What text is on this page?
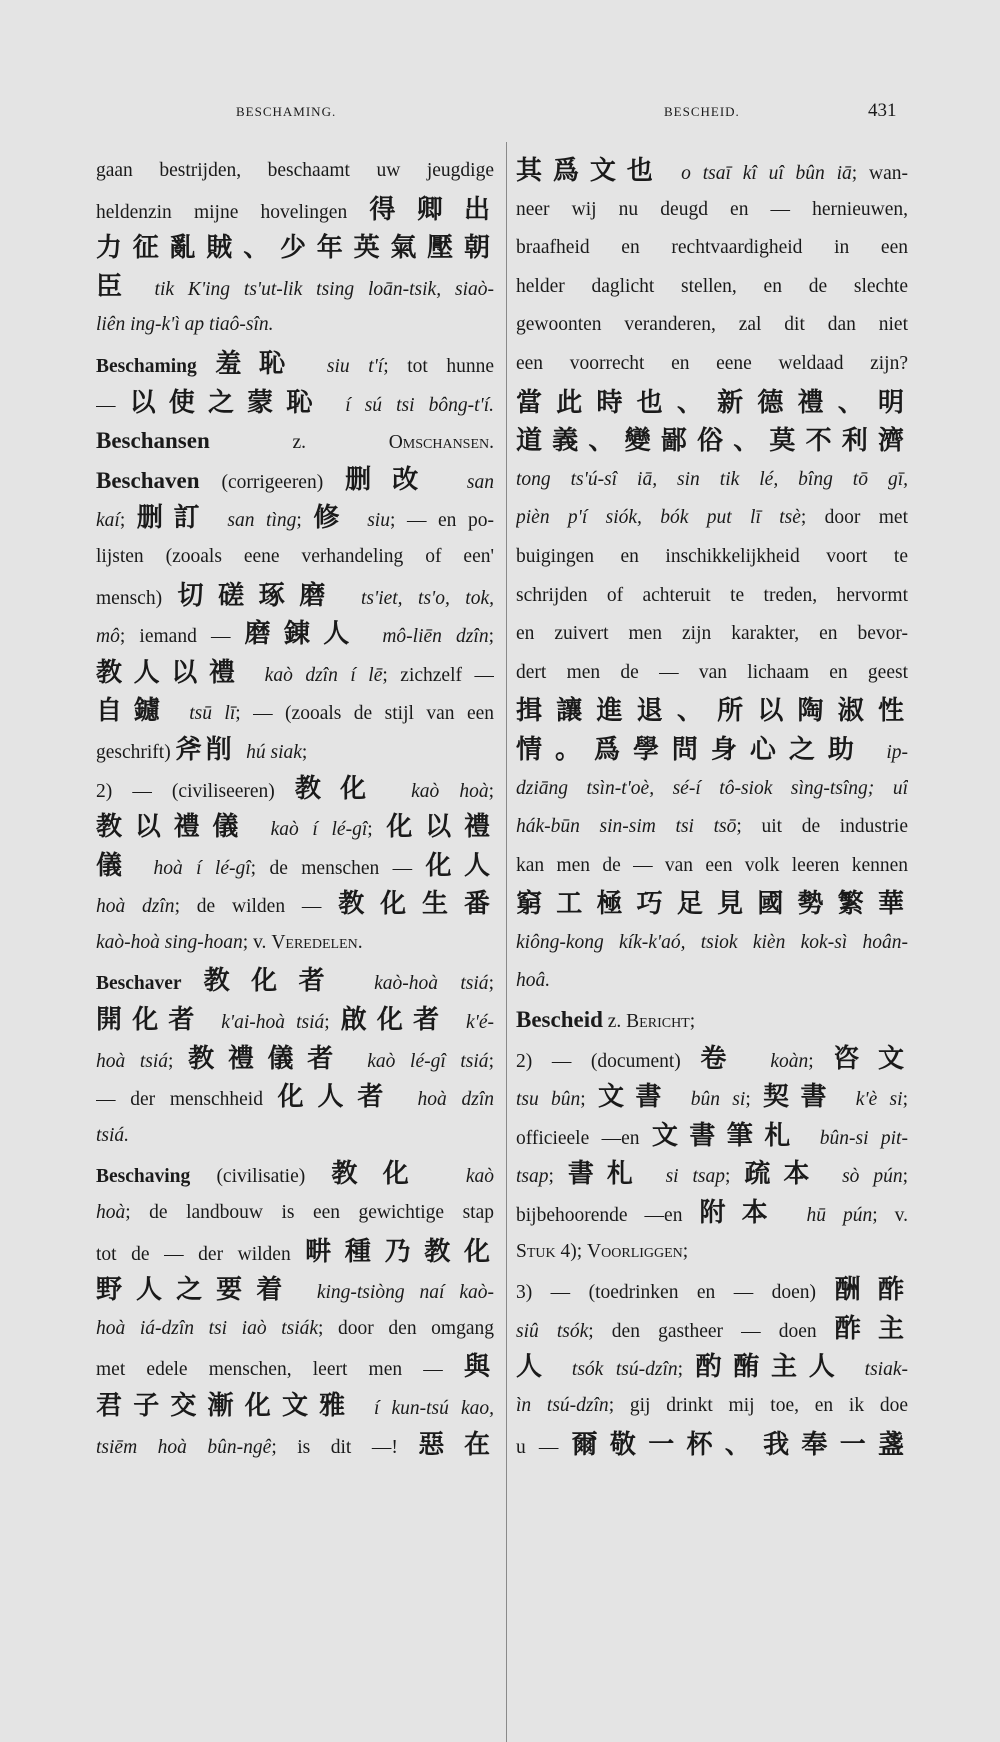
BESCHAMING.	BESCHEID.	431
gaan bestrijden, beschaamt uw jeugdige
heldenzin mijne hovelingen 得卿出
力征亂賊、少年英氣壓朝
臣 tik K'ing ts'ut-lik tsing loān-tsik, siaò-
liên ing-k'ì ap tiaô-sîn.
Beschaming 羞恥 siu t'í; tot hunne
— 以使之蒙恥 í sú tsi bông-t'í.
Beschansen z. Omschansen.
Beschaven (corrigeeren) 删改 san
kaí; 删訂 san tìng; 修 siu; — en po-
lijsten (zooals eene verhandeling of een'
mensch) 切磋琢磨 ts'iet, ts'o, tok,
mô; iemand — 磨錬人 mô-liēn dzîn;
教人以禮 kaò dzîn í lē; zichzelf —
自鑢 tsū lī; — (zooals de stijl van een
geschrift) 斧削 hú siak;
2) — (civiliseeren) 教化 kaò hoà;
教以禮儀 kaò í lé-gî; 化以禮
儀 hoà í lé-gî; de menschen — 化人
hoà dzîn; de wilden — 教化生番
kaò-hoà sing-hoan; v. Veredelen.
Beschaver 教化者 kaò-hoà tsiá;
開化者 k'ai-hoà tsiá; 啟化者 k'é-
hoà tsiá; 教禮儀者 kaò lé-gî tsiá;
— der menschheid 化人者 hoà dzîn
tsiá.
Beschaving (civilisatie) 教化 kaò
hoà; de landbouw is een gewichtige stap
tot de — der wilden 畊種乃教化
野人之要着 king-tsiòng naí kaò-
hoà iá-dzîn tsi iaò tsiák; door den omgang
met edele menschen, leert men — 與
君子交漸化文雅 í kun-tsú kao,
tsiēm hoà bûn-ngê; is dit —! 惡在
其爲文也 o tsaī kî uî bûn iā; wan-
neer wij nu deugd en — hernieuwen,
braafheid en rechtvaardigheid in een
helder daglicht stellen, en de slechte
gewoonten veranderen, zal dit dan niet
een voorrecht en eene weldaad zijn?
當此時也、新德禮、明
道義、變鄙俗、莫不利濟
tong ts'ú-sî iā, sin tik lé, bîng tō gī,
pièn p'í siók, bók put lī tsè; door met
buigingen en inschikkelijkheid voort te
schrijden of achteruit te treden, hervormt
en zuivert men zijn karakter, en bevor-
dert men de — van lichaam en geest
揖讓進退、所以陶淑性
情。爲學問身心之助 ip-
dziāng tsìn-t'oè, sé-í tô-siok sìng-tsîng; uî
hák-būn sin-sim tsi tsō; uit de industrie
kan men de — van een volk leeren kennen
窮工極巧足見國勢繁華
kiông-kong kík-k'aó, tsiok kièn kok-sì hoân-
hoâ.
Bescheid z. Bericht;
2) — (document) 卷 koàn; 咨文
tsu bûn; 文書 bûn si; 契書 k'è si;
officieele —en 文書筆札 bûn-si pit-
tsap; 書札 si tsap; 疏本 sò pún;
bijbehoorende —en 附本 hū pún; v.
Stuk 4); Voorliggen;
3) — (toedrinken en — doen) 酬酢
siû tsók; den gastheer — doen 酢主
人 tsók tsú-dzîn; 酌酭主人 tsiak-
ìn tsú-dzîn; gij drinkt mij toe, en ik doe
u — 爾敬一杯、我奉一盞
